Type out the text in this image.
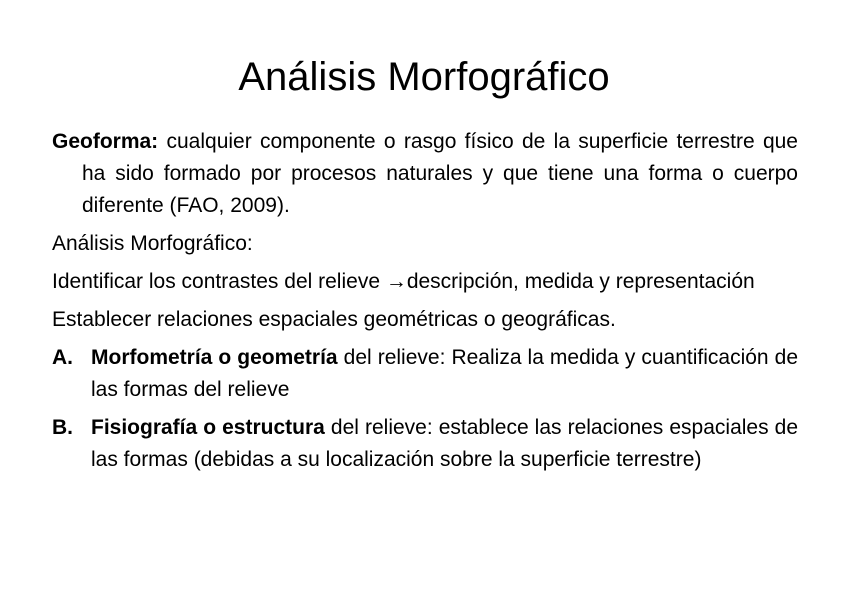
Análisis Morfográfico

Geoforma: cualquier componente o rasgo físico de la superficie terrestre que ha sido formado por procesos naturales y que tiene una forma o cuerpo diferente (FAO, 2009).

Análisis Morfográfico:

Identificar los contrastes del relieve →descripción, medida y representación

Establecer relaciones espaciales geométricas o geográficas.

A. Morfometría o geometría del relieve: Realiza la medida y cuantificación de las formas del relieve
B. Fisiografía o estructura del relieve: establece las relaciones espaciales de las formas (debidas a su localización sobre la superficie terrestre)
